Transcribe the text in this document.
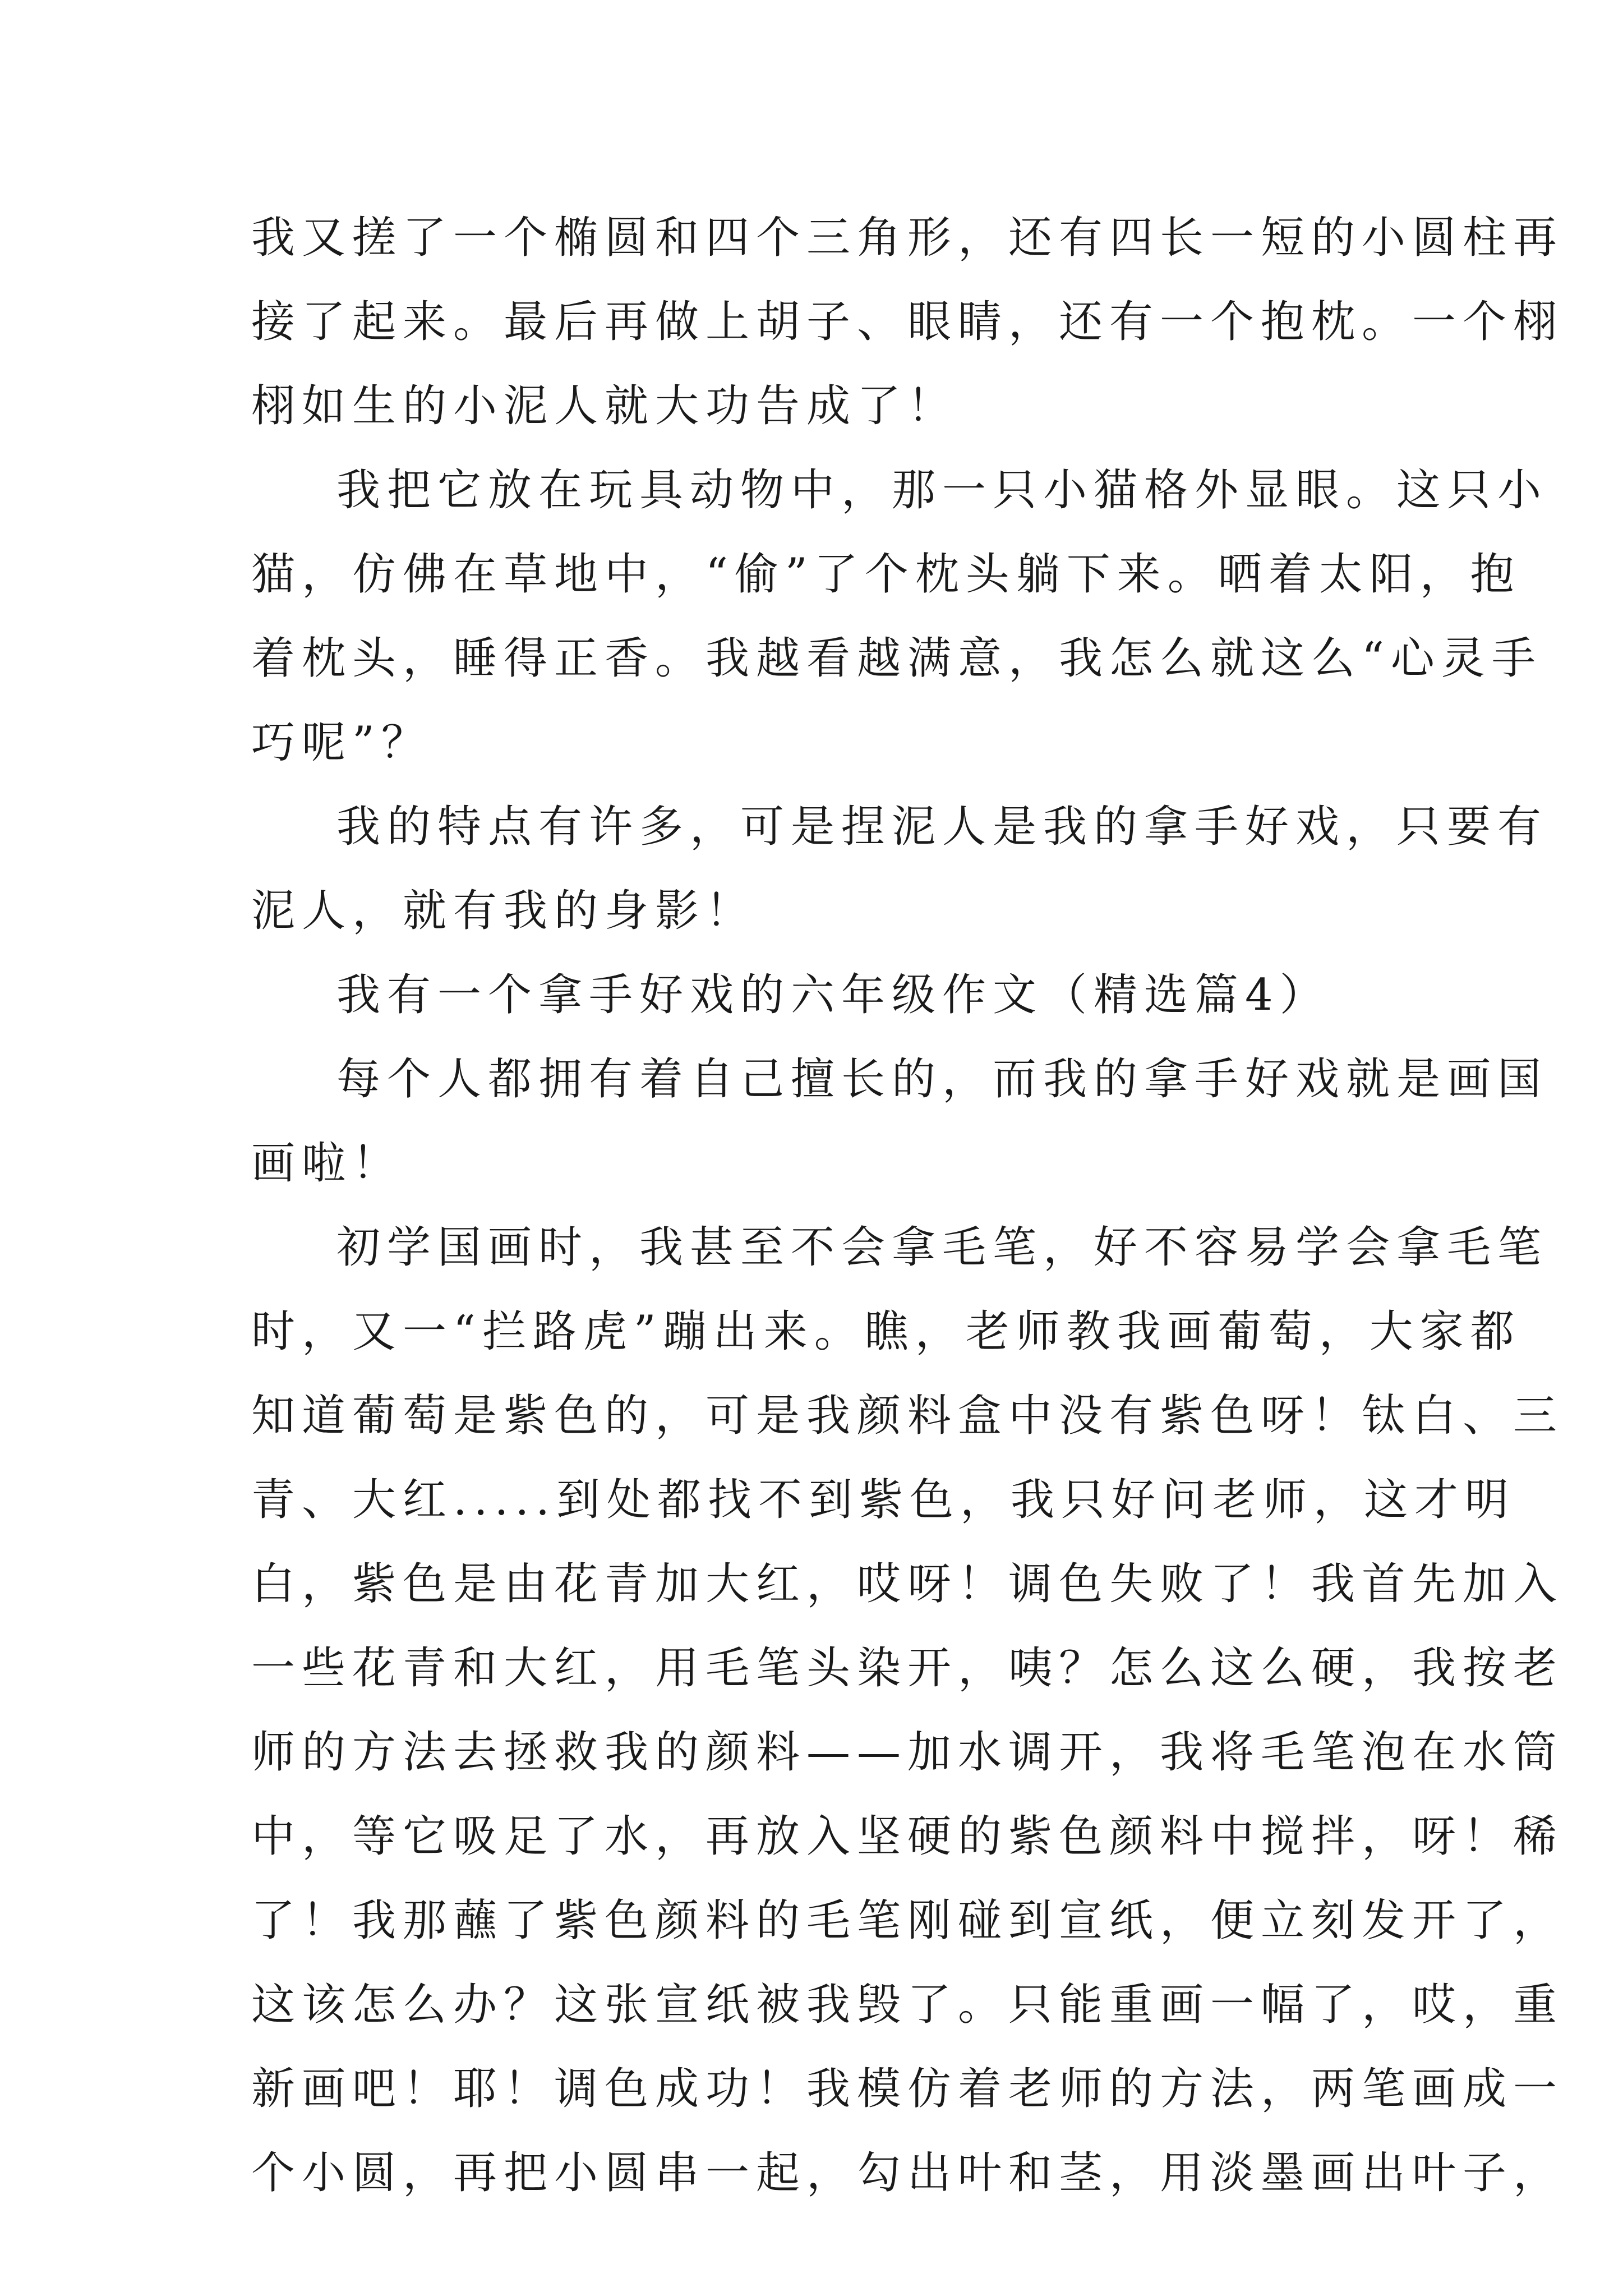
我又搓了一个椭圆和四个三角形，还有四长一短的小圆柱再
接了起来。最后再做上胡子、眼睛，还有一个抱枕。一个栩
栩如生的小泥人就大功告成了！
我把它放在玩具动物中，那一只小猫格外显眼。这只小
猫，仿佛在草地中，“偷”了个枕头躺下来。晒着太阳，抱
着枕头，睡得正香。我越看越满意，我怎么就这么“心灵手
巧呢”？
我的特点有许多，可是捏泥人是我的拿手好戏，只要有
泥人，就有我的身影！
我有一个拿手好戏的六年级作文（精选篇4）
每个人都拥有着自己擅长的，而我的拿手好戏就是画国
画啦！
初学国画时，我甚至不会拿毛笔，好不容易学会拿毛笔
时，又一“拦路虎”蹦出来。瞧，老师教我画葡萄，大家都
知道葡萄是紫色的，可是我颜料盒中没有紫色呀！钛白、三
青、大红.....到处都找不到紫色，我只好问老师，这才明
白，紫色是由花青加大红，哎呀！调色失败了！我首先加入
一些花青和大红，用毛笔头染开，咦？怎么这么硬，我按老
师的方法去拯救我的颜料——加水调开，我将毛笔泡在水筒
中，等它吸足了水，再放入坚硬的紫色颜料中搅拌，呀！稀
了！我那蘸了紫色颜料的毛笔刚碰到宣纸，便立刻发开了，
这该怎么办？这张宣纸被我毁了。只能重画一幅了，哎，重
新画吧！耶！调色成功！我模仿着老师的方法，两笔画成一
个小圆，再把小圆串一起，勾出叶和茎，用淡墨画出叶子，
